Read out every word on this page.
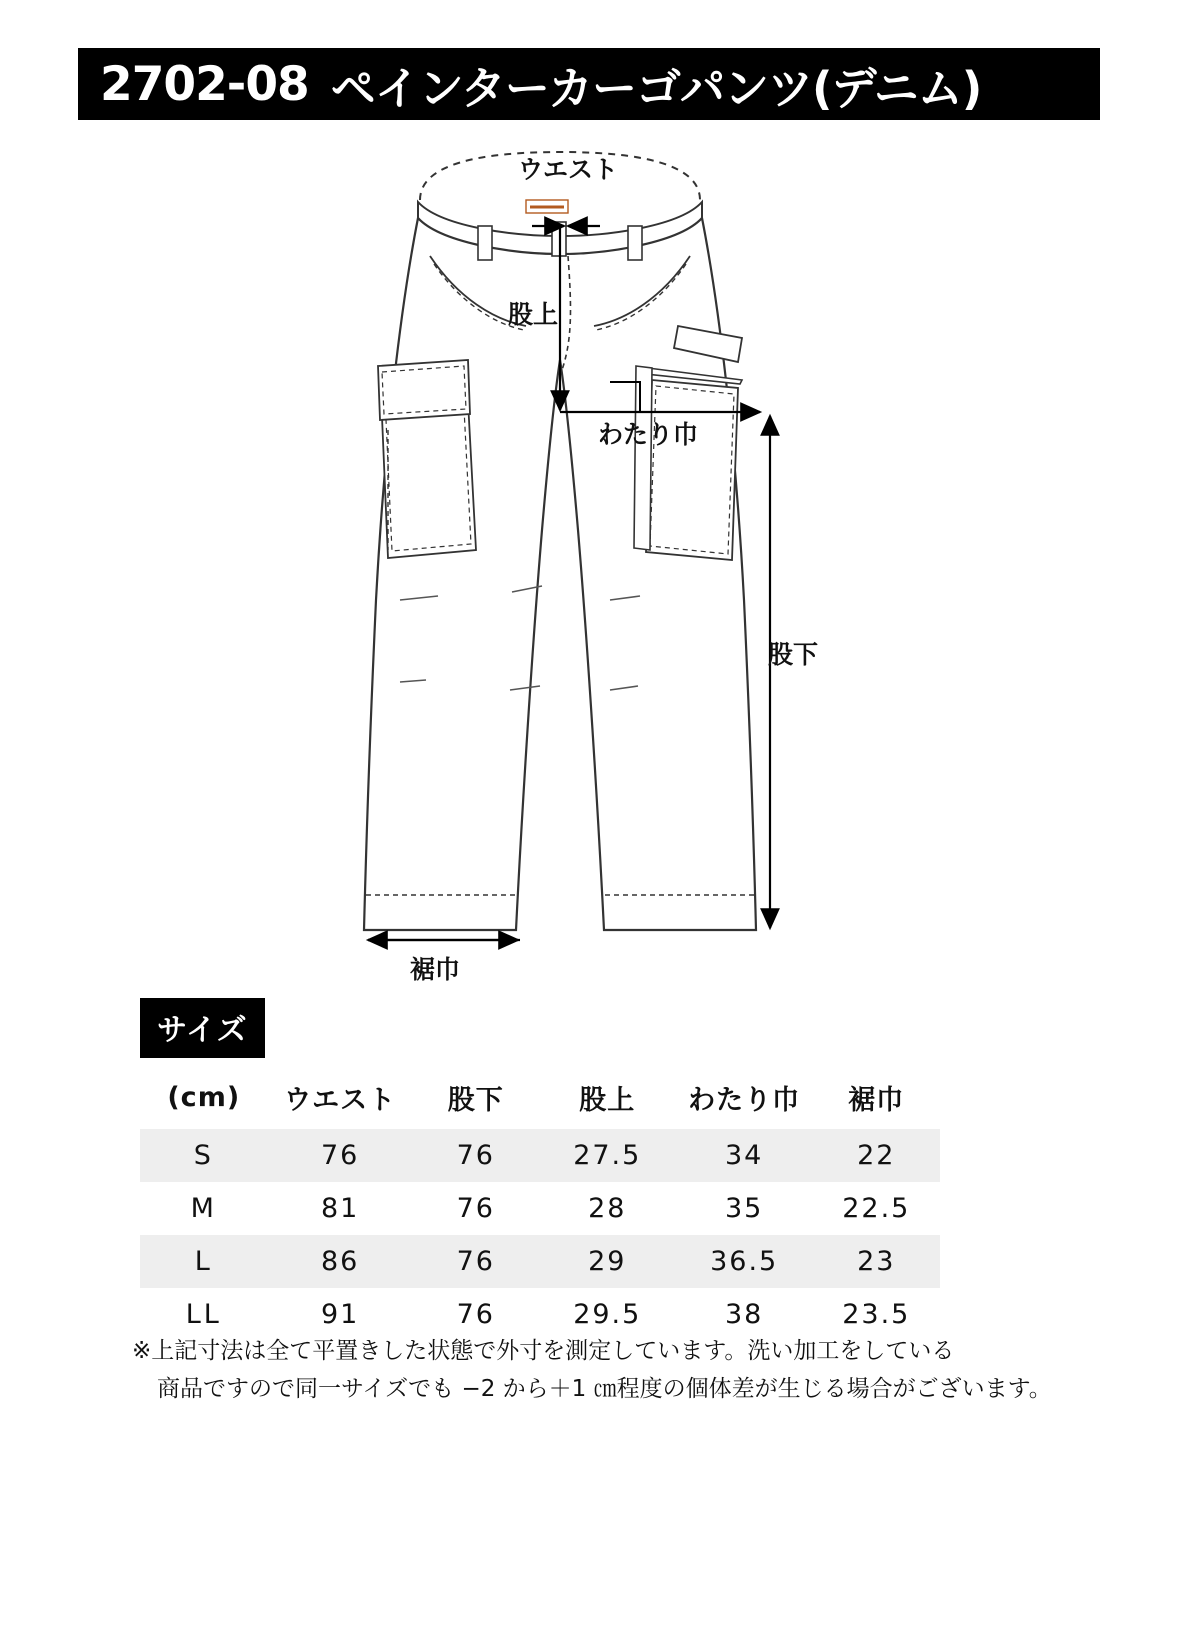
2702-08 ペインターカーゴパンツ(デニム)
ウエスト
股上
わたり巾
股下
裾巾
サイズ
(cm)	ウエスト	股下	股上	わたり巾	裾巾
S	76	76	27.5	34	22
M	81	76	28	35	22.5
L	86	76	29	36.5	23
LL	91	76	29.5	38	23.5
※上記寸法は全て平置きした状態で外寸を測定しています。洗い加工をしている
商品ですので同一サイズでも −2 から＋1 ㎝程度の個体差が生じる場合がございます。
